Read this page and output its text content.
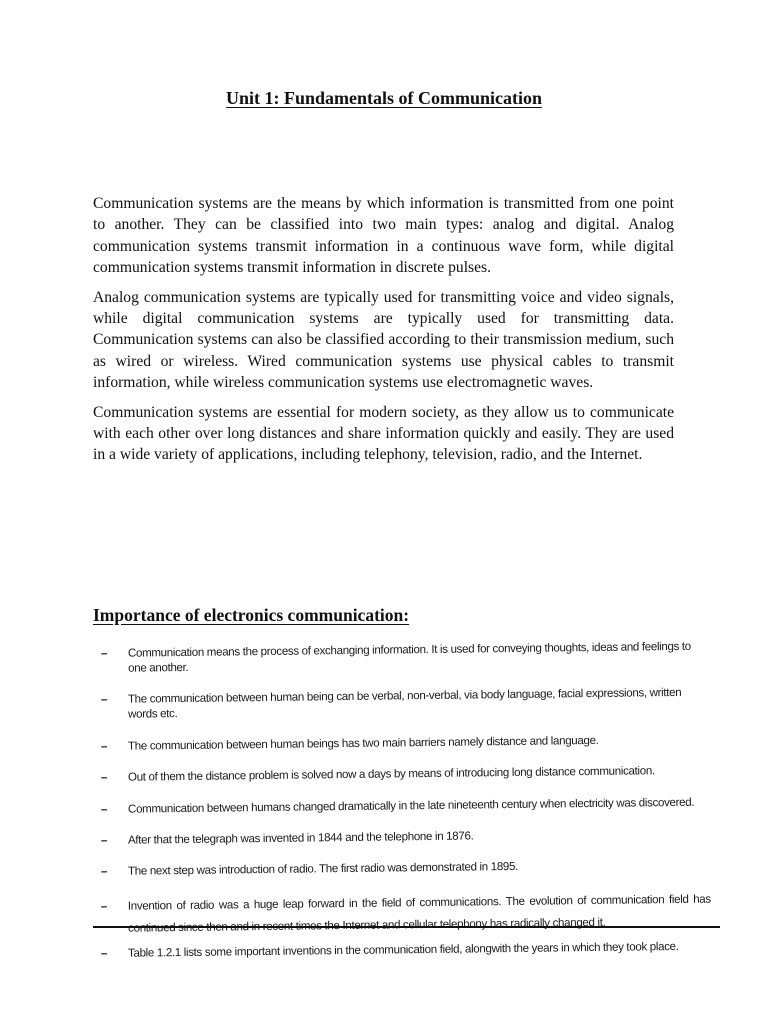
Unit 1: Fundamentals of Communication

Communication systems are the means by which information is transmitted from one point to another. They can be classified into two main types: analog and digital. Analog communication systems transmit information in a continuous wave form, while digital communication systems transmit information in discrete pulses.

Analog communication systems are typically used for transmitting voice and video signals, while digital communication systems are typically used for transmitting data. Communication systems can also be classified according to their transmission medium, such as wired or wireless. Wired communication systems use physical cables to transmit information, while wireless communication systems use electromagnetic waves.

Communication systems are essential for modern society, as they allow us to communicate with each other over long distances and share information quickly and easily. They are used in a wide variety of applications, including telephony, television, radio, and the Internet.

Importance of electronics communication:
– Communication means the process of exchanging information. It is used for conveying thoughts, ideas and feelings to one another.
– The communication between human being can be verbal, non-verbal, via body language, facial expressions, written words etc.
– The communication between human beings has two main barriers namely distance and language.
– Out of them the distance problem is solved now a days by means of introducing long distance communication.
– Communication between humans changed dramatically in the late nineteenth century when electricity was discovered.
– After that the telegraph was invented in 1844 and the telephone in 1876.
– The next step was introduction of radio. The first radio was demonstrated in 1895.
– Invention of radio was a huge leap forward in the field of communications. The evolution of communication field has continued since then and in recent times the Internet and cellular telephony has radically changed it.
– Table 1.2.1 lists some important inventions in the communication field, alongwith the years in which they took place.
